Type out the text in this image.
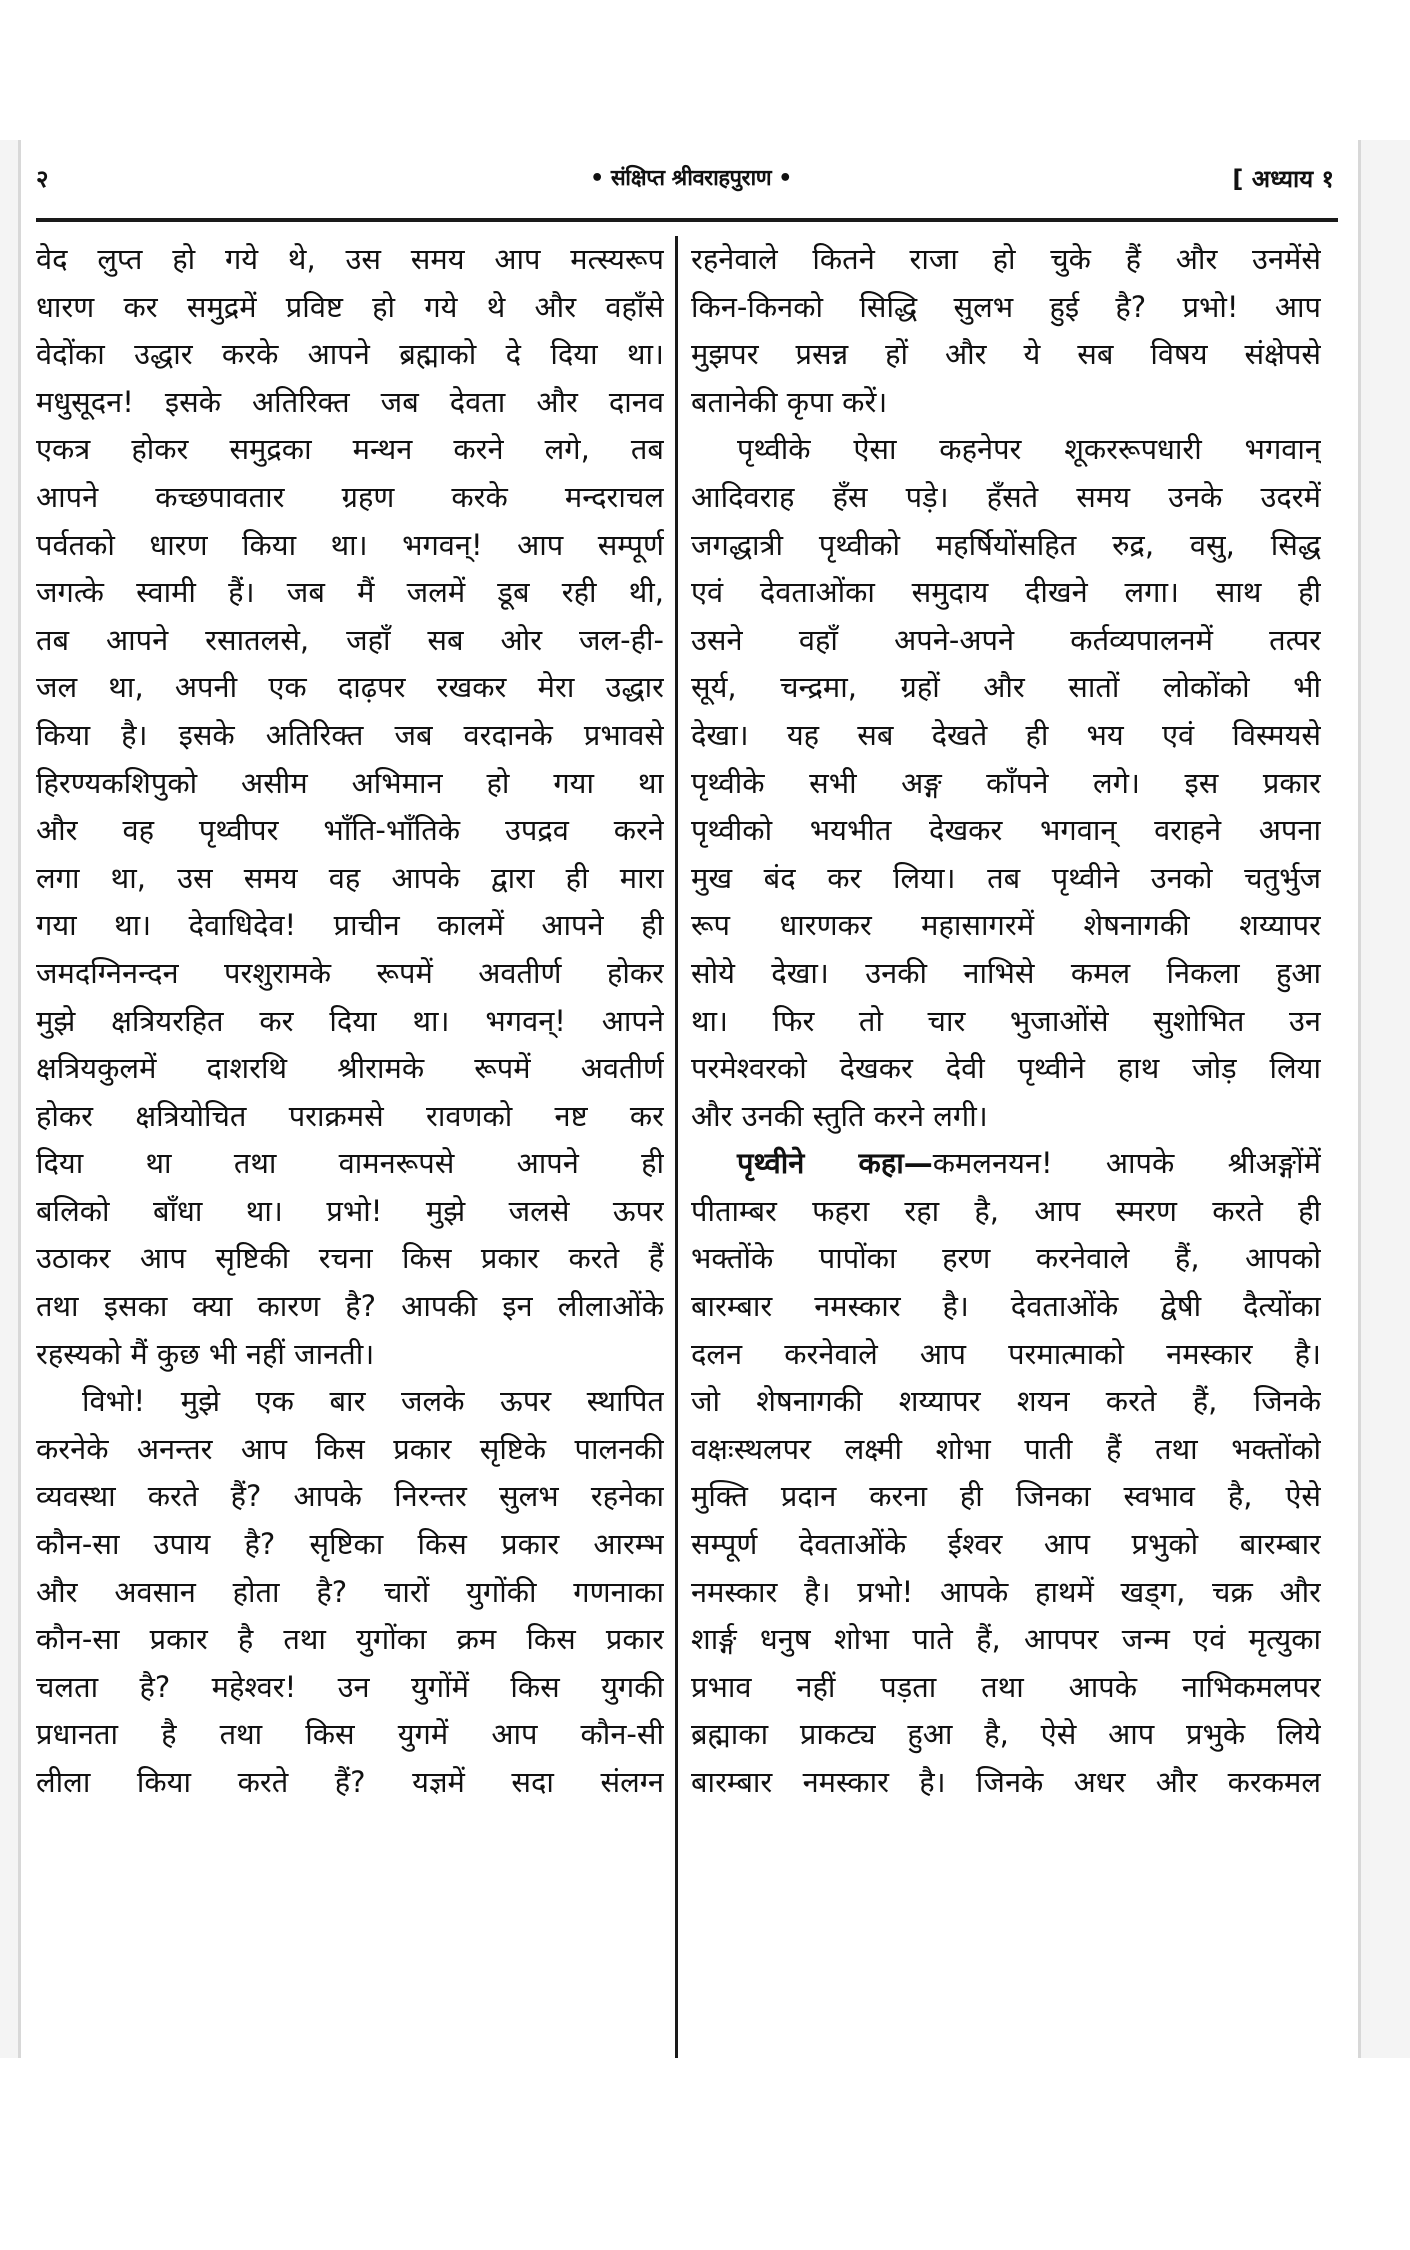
२	• संक्षिप्त श्रीवराहपुराण •	[ अध्याय १
वेद लुप्त हो गये थे, उस समय आप मत्स्यरूप
धारण कर समुद्रमें प्रविष्ट हो गये थे और वहाँसे
वेदोंका उद्धार करके आपने ब्रह्माको दे दिया था।
मधुसूदन! इसके अतिरिक्त जब देवता और दानव
एकत्र होकर समुद्रका मन्थन करने लगे, तब
आपने कच्छपावतार ग्रहण करके मन्दराचल
पर्वतको धारण किया था। भगवन्! आप सम्पूर्ण
जगत्के स्वामी हैं। जब मैं जलमें डूब रही थी,
तब आपने रसातलसे, जहाँ सब ओर जल-ही-
जल था, अपनी एक दाढ़पर रखकर मेरा उद्धार
किया है। इसके अतिरिक्त जब वरदानके प्रभावसे
हिरण्यकशिपुको असीम अभिमान हो गया था
और वह पृथ्वीपर भाँति-भाँतिके उपद्रव करने
लगा था, उस समय वह आपके द्वारा ही मारा
गया था। देवाधिदेव! प्राचीन कालमें आपने ही
जमदग्निनन्दन परशुरामके रूपमें अवतीर्ण होकर
मुझे क्षत्रियरहित कर दिया था। भगवन्! आपने
क्षत्रियकुलमें दाशरथि श्रीरामके रूपमें अवतीर्ण
होकर क्षत्रियोचित पराक्रमसे रावणको नष्ट कर
दिया था तथा वामनरूपसे आपने ही
बलिको बाँधा था। प्रभो! मुझे जलसे ऊपर
उठाकर आप सृष्टिकी रचना किस प्रकार करते हैं
तथा इसका क्या कारण है? आपकी इन लीलाओंके
रहस्यको मैं कुछ भी नहीं जानती।
विभो! मुझे एक बार जलके ऊपर स्थापित
करनेके अनन्तर आप किस प्रकार सृष्टिके पालनकी
व्यवस्था करते हैं? आपके निरन्तर सुलभ रहनेका
कौन-सा उपाय है? सृष्टिका किस प्रकार आरम्भ
और अवसान होता है? चारों युगोंकी गणनाका
कौन-सा प्रकार है तथा युगोंका क्रम किस प्रकार
चलता है? महेश्वर! उन युगोंमें किस युगकी
प्रधानता है तथा किस युगमें आप कौन-सी
लीला किया करते हैं? यज्ञमें सदा संलग्न
रहनेवाले कितने राजा हो चुके हैं और उनमेंसे
किन-किनको सिद्धि सुलभ हुई है? प्रभो! आप
मुझपर प्रसन्न हों और ये सब विषय संक्षेपसे
बतानेकी कृपा करें।
पृथ्वीके ऐसा कहनेपर शूकररूपधारी भगवान्
आदिवराह हँस पड़े। हँसते समय उनके उदरमें
जगद्धात्री पृथ्वीको महर्षियोंसहित रुद्र, वसु, सिद्ध
एवं देवताओंका समुदाय दीखने लगा। साथ ही
उसने वहाँ अपने-अपने कर्तव्यपालनमें तत्पर
सूर्य, चन्द्रमा, ग्रहों और सातों लोकोंको भी
देखा। यह सब देखते ही भय एवं विस्मयसे
पृथ्वीके सभी अङ्ग काँपने लगे। इस प्रकार
पृथ्वीको भयभीत देखकर भगवान् वराहने अपना
मुख बंद कर लिया। तब पृथ्वीने उनको चतुर्भुज
रूप धारणकर महासागरमें शेषनागकी शय्यापर
सोये देखा। उनकी नाभिसे कमल निकला हुआ
था। फिर तो चार भुजाओंसे सुशोभित उन
परमेश्वरको देखकर देवी पृथ्वीने हाथ जोड़ लिया
और उनकी स्तुति करने लगी।
पृथ्वीने कहा—कमलनयन! आपके श्रीअङ्गोंमें
पीताम्बर फहरा रहा है, आप स्मरण करते ही
भक्तोंके पापोंका हरण करनेवाले हैं, आपको
बारम्बार नमस्कार है। देवताओंके द्वेषी दैत्योंका
दलन करनेवाले आप परमात्माको नमस्कार है।
जो शेषनागकी शय्यापर शयन करते हैं, जिनके
वक्षःस्थलपर लक्ष्मी शोभा पाती हैं तथा भक्तोंको
मुक्ति प्रदान करना ही जिनका स्वभाव है, ऐसे
सम्पूर्ण देवताओंके ईश्वर आप प्रभुको बारम्बार
नमस्कार है। प्रभो! आपके हाथमें खड्ग, चक्र और
शार्ङ्ग धनुष शोभा पाते हैं, आपपर जन्म एवं मृत्युका
प्रभाव नहीं पड़ता तथा आपके नाभिकमलपर
ब्रह्माका प्राकट्य हुआ है, ऐसे आप प्रभुके लिये
बारम्बार नमस्कार है। जिनके अधर और करकमल
